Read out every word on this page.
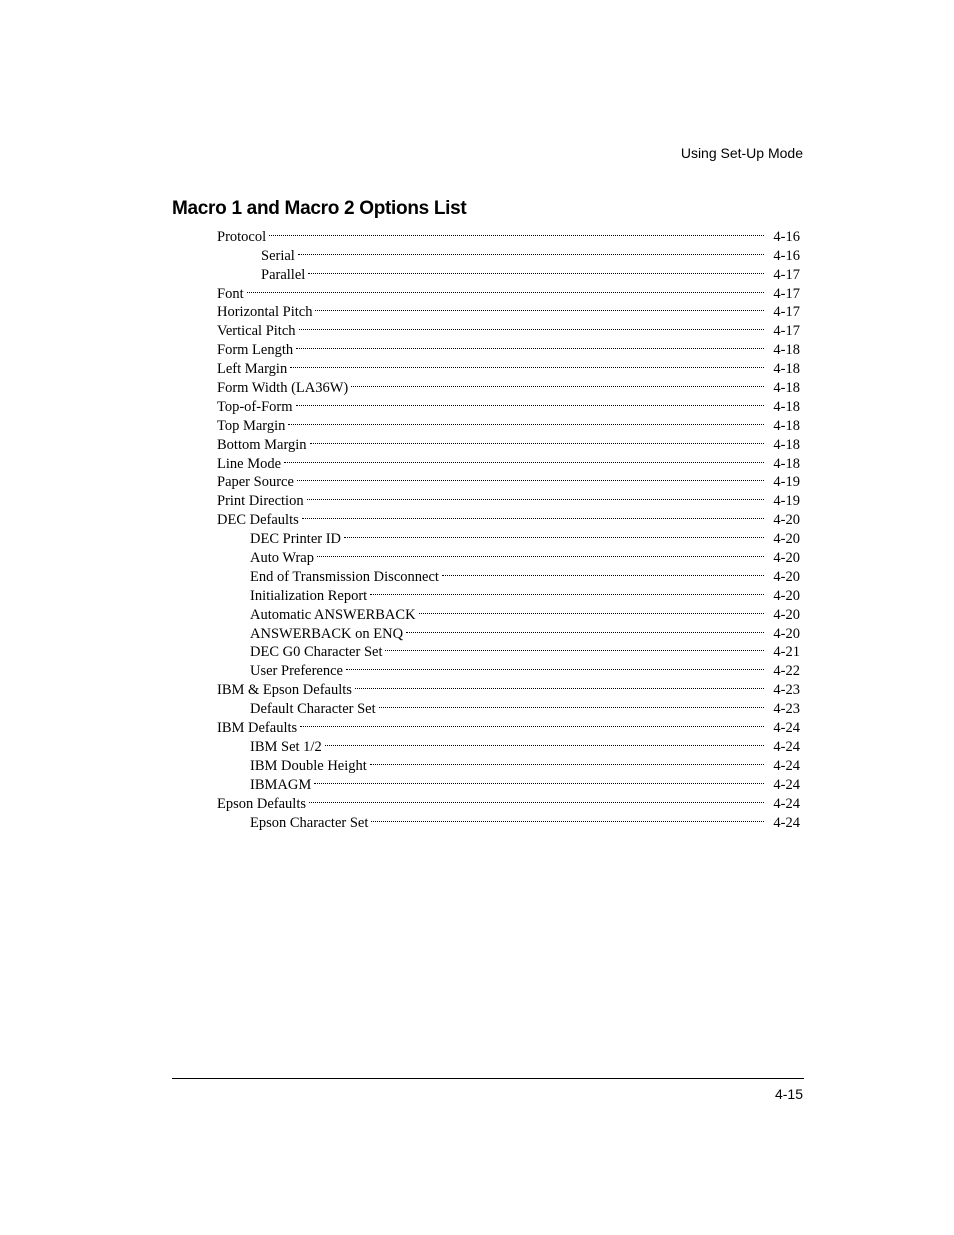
Using Set-Up Mode
Macro 1 and Macro 2 Options List
Protocol	4-16
Serial	4-16
Parallel	4-17
Font	4-17
Horizontal Pitch	4-17
Vertical Pitch	4-17
Form Length	4-18
Left Margin	4-18
Form Width (LA36W)	4-18
Top-of-Form	4-18
Top Margin	4-18
Bottom Margin	4-18
Line Mode	4-18
Paper Source	4-19
Print Direction	4-19
DEC Defaults	4-20
DEC Printer ID	4-20
Auto Wrap	4-20
End of Transmission Disconnect	4-20
Initialization Report	4-20
Automatic ANSWERBACK	4-20
ANSWERBACK on ENQ	4-20
DEC G0 Character Set	4-21
User Preference	4-22
IBM & Epson Defaults	4-23
Default Character Set	4-23
IBM Defaults	4-24
IBM Set 1/2	4-24
IBM Double Height	4-24
IBMAGM	4-24
Epson Defaults	4-24
Epson Character Set	4-24
4-15
